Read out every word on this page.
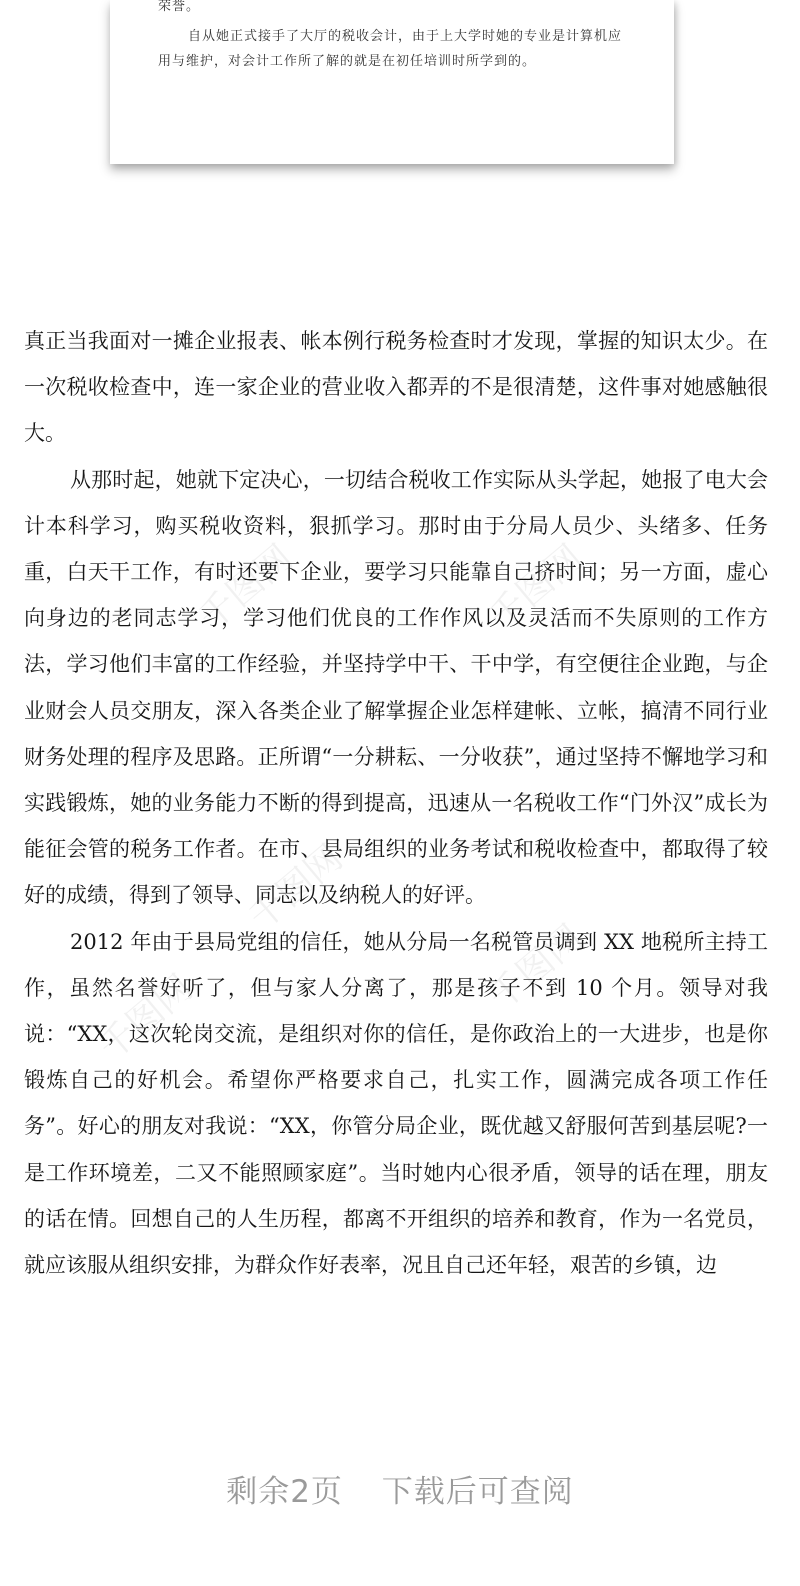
荣誉。

自从她正式接手了大厅的税收会计，由于上大学时她的专业是计算机应用与维护，对会计工作所了解的就是在初任培训时所学到的。

千图网	千图网
千图网
千图网
千图网

真正当我面对一摊企业报表、帐本例行税务检查时才发现，掌握的知识太少。在一次税收检查中，连一家企业的营业收入都弄的不是很清楚，这件事对她感触很大。

从那时起，她就下定决心，一切结合税收工作实际从头学起，她报了电大会计本科学习，购买税收资料，狠抓学习。那时由于分局人员少、头绪多、任务重，白天干工作，有时还要下企业，要学习只能靠自己挤时间；另一方面，虚心向身边的老同志学习，学习他们优良的工作作风以及灵活而不失原则的工作方法，学习他们丰富的工作经验，并坚持学中干、干中学，有空便往企业跑，与企业财会人员交朋友，深入各类企业了解掌握企业怎样建帐、立帐，搞清不同行业财务处理的程序及思路。正所谓“一分耕耘、一分收获”，通过坚持不懈地学习和实践锻炼，她的业务能力不断的得到提高，迅速从一名税收工作“门外汉”成长为能征会管的税务工作者。在市、县局组织的业务考试和税收检查中，都取得了较好的成绩，得到了领导、同志以及纳税人的好评。

2012 年由于县局党组的信任，她从分局一名税管员调到 XX 地税所主持工作，虽然名誉好听了，但与家人分离了，那是孩子不到 10 个月。领导对我说：“XX，这次轮岗交流，是组织对你的信任，是你政治上的一大进步，也是你锻炼自己的好机会。希望你严格要求自己，扎实工作，圆满完成各项工作任务”。好心的朋友对我说：“XX，你管分局企业，既优越又舒服何苦到基层呢?一是工作环境差，二又不能照顾家庭”。当时她内心很矛盾，领导的话在理，朋友的话在情。回想自己的人生历程，都离不开组织的培养和教育，作为一名党员，就应该服从组织安排，为群众作好表率，况且自己还年轻，艰苦的乡镇，边

剩余2页 下载后可查阅
